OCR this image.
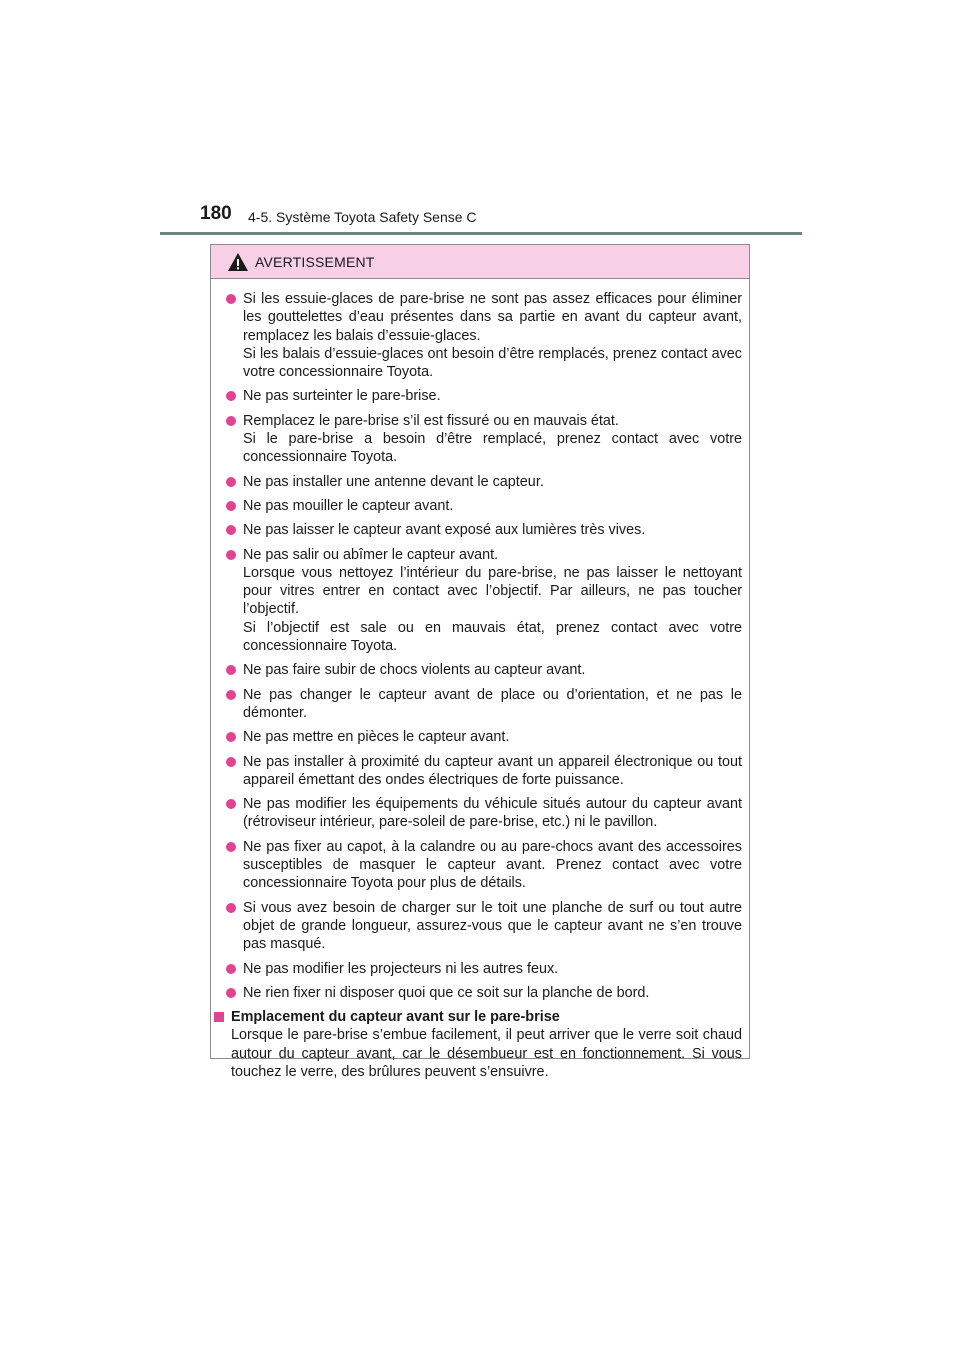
180 4-5. Système Toyota Safety Sense C
AVERTISSEMENT
Si les essuie-glaces de pare-brise ne sont pas assez efficaces pour éliminer les gouttelettes d’eau présentes dans sa partie en avant du capteur avant, remplacez les balais d’essuie-glaces.
Si les balais d’essuie-glaces ont besoin d’être remplacés, prenez contact avec votre concessionnaire Toyota.
Ne pas surteinter le pare-brise.
Remplacez le pare-brise s’il est fissuré ou en mauvais état.
Si le pare-brise a besoin d’être remplacé, prenez contact avec votre concessionnaire Toyota.
Ne pas installer une antenne devant le capteur.
Ne pas mouiller le capteur avant.
Ne pas laisser le capteur avant exposé aux lumières très vives.
Ne pas salir ou abîmer le capteur avant.
Lorsque vous nettoyez l’intérieur du pare-brise, ne pas laisser le nettoyant pour vitres entrer en contact avec l’objectif. Par ailleurs, ne pas toucher l’objectif.
Si l’objectif est sale ou en mauvais état, prenez contact avec votre concessionnaire Toyota.
Ne pas faire subir de chocs violents au capteur avant.
Ne pas changer le capteur avant de place ou d’orientation, et ne pas le démonter.
Ne pas mettre en pièces le capteur avant.
Ne pas installer à proximité du capteur avant un appareil électronique ou tout appareil émettant des ondes électriques de forte puissance.
Ne pas modifier les équipements du véhicule situés autour du capteur avant (rétroviseur intérieur, pare-soleil de pare-brise, etc.) ni le pavillon.
Ne pas fixer au capot, à la calandre ou au pare-chocs avant des accessoires susceptibles de masquer le capteur avant. Prenez contact avec votre concessionnaire Toyota pour plus de détails.
Si vous avez besoin de charger sur le toit une planche de surf ou tout autre objet de grande longueur, assurez-vous que le capteur avant ne s’en trouve pas masqué.
Ne pas modifier les projecteurs ni les autres feux.
Ne rien fixer ni disposer quoi que ce soit sur la planche de bord.
Emplacement du capteur avant sur le pare-brise
Lorsque le pare-brise s’embue facilement, il peut arriver que le verre soit chaud autour du capteur avant, car le désembueur est en fonctionnement. Si vous touchez le verre, des brûlures peuvent s’ensuivre.
